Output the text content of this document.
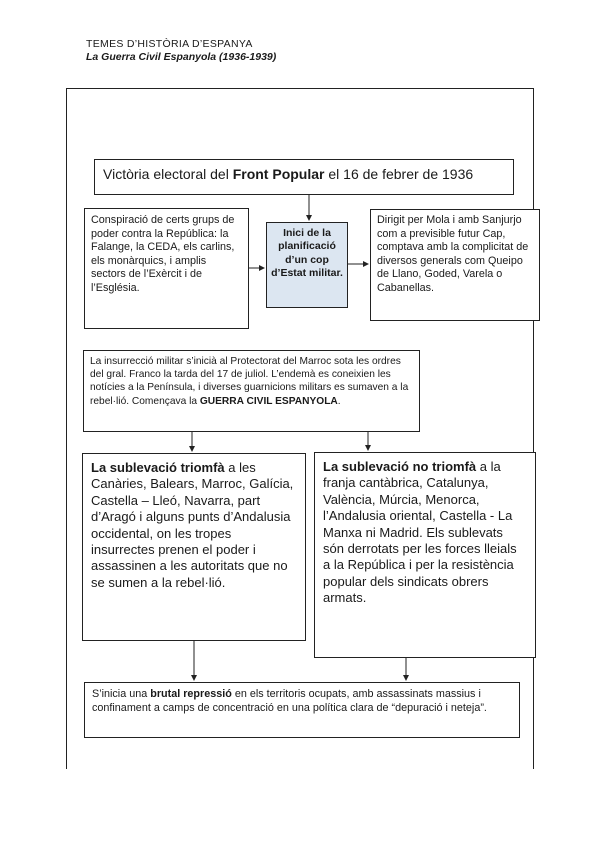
TEMES D’HISTÒRIA D’ESPANYA
La Guerra Civil Espanyola (1936-1939)
Victòria electoral del Front Popular el 16 de febrer de 1936
Conspiració de certs grups de poder contra la República: la Falange, la CEDA, els carlins, els monàrquics, i amplis sectors de l’Exèrcit i de l’Església.
Inici de la planificació d’un cop d’Estat militar.
Dirigit per Mola i amb Sanjurjo com a previsible futur Cap, comptava amb la complicitat de diversos generals com Queipo de Llano, Goded, Varela o Cabanellas.
La insurrecció militar s’inicià al Protectorat del Marroc sota les ordres del gral. Franco la tarda del 17 de juliol. L’endemà es coneixien les notícies a la Península, i diverses guarnicions militars es sumaven a la rebel·lió. Començava la GUERRA CIVIL ESPANYOLA.
La sublevació triomfà a les Canàries, Balears, Marroc, Galícia, Castella – Lleó, Navarra, part d’Aragó i alguns punts d’Andalusia occidental, on les tropes insurrectes prenen el poder i assassinen a les autoritats que no se sumen a la rebel·lió.
La sublevació no triomfà a la franja cantàbrica, Catalunya, València, Múrcia, Menorca, l’Andalusia oriental, Castella - La Manxa ni Madrid. Els sublevats són derrotats per les forces lleials a la República i per la resistència popular dels sindicats obrers armats.
S’inicia una brutal repressió en els territoris ocupats, amb assassinats massius i confinament a camps de concentració en una política clara de “depuració i neteja”.
